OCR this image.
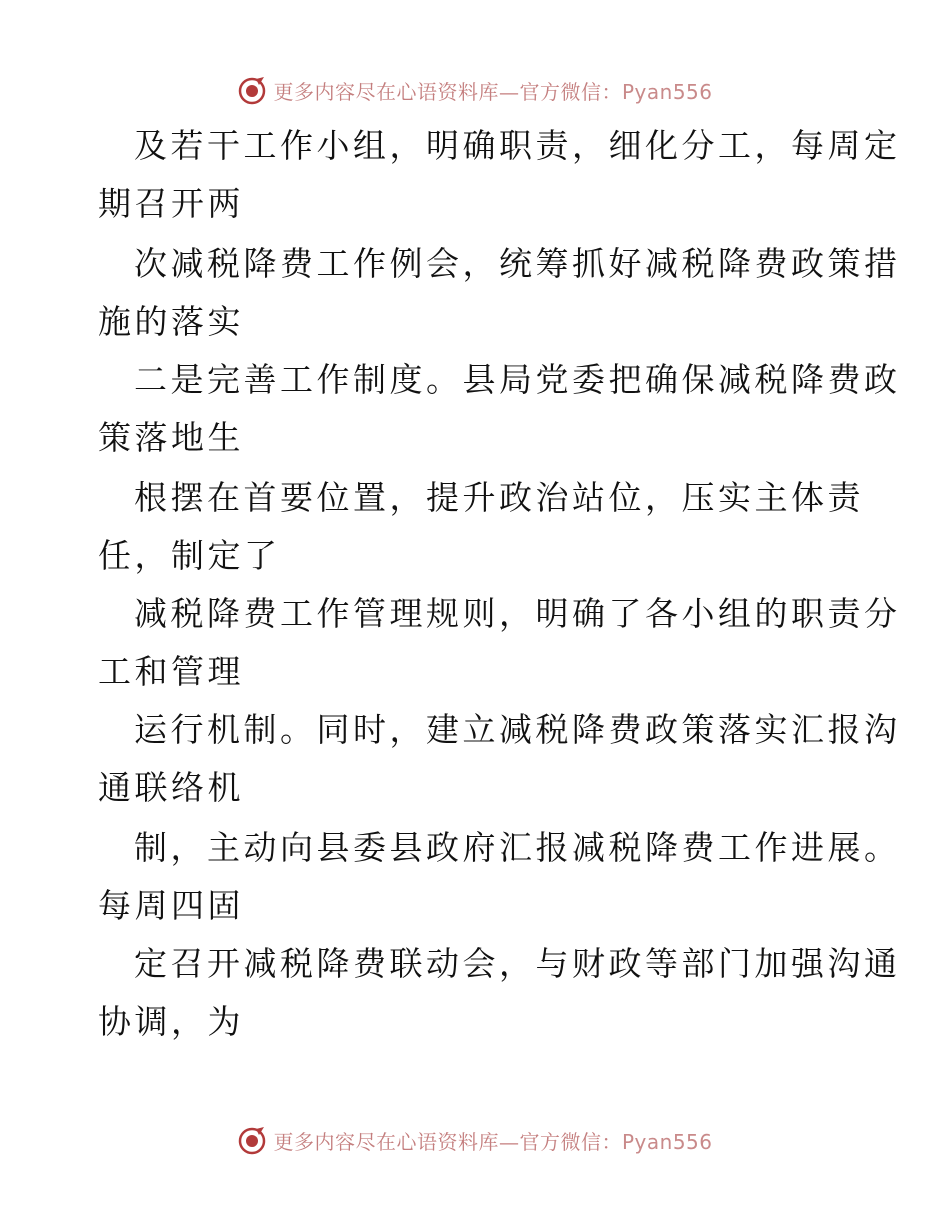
更多内容尽在心语资料库—官方微信：Pyan556
及若干工作小组，明确职责，细化分工，每周定
期召开两
次减税降费工作例会，统筹抓好减税降费政策措
施的落实
二是完善工作制度。县局党委把确保减税降费政
策落地生
根摆在首要位置，提升政治站位，压实主体责
任，制定了
减税降费工作管理规则，明确了各小组的职责分
工和管理
运行机制。同时，建立减税降费政策落实汇报沟
通联络机
制，主动向县委县政府汇报减税降费工作进展。
每周四固
定召开减税降费联动会，与财政等部门加强沟通
协调，为
更多内容尽在心语资料库—官方微信：Pyan556
